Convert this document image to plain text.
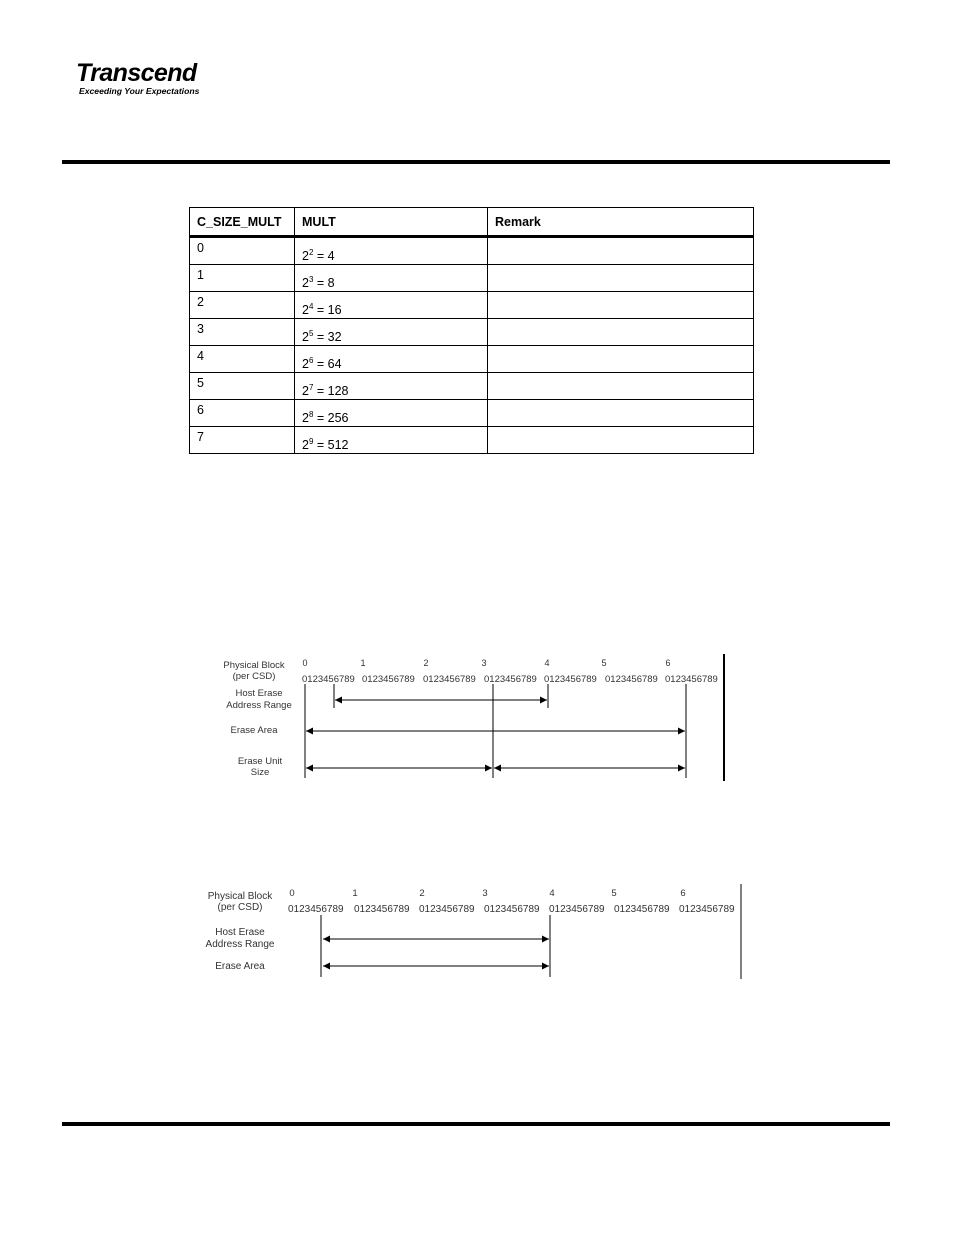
Transcend
Exceeding Your Expectations
C_SIZE_MULT	MULT	Remark
0	$2^2 = 4$	
1	$2^3 = 8$	
2	$2^4 = 16$	
3	$2^5 = 32$	
4	$2^6 = 64$	
5	$2^7 = 128$	
6	$2^8 = 256$	
7	$2^9 = 512$	
Physical Block
(per CSD)
0	1	2	3	4	5	6
0123456789 0123456789 0123456789 0123456789 0123456789 0123456789 0123456789
Host Erase
Address Range
Erase Area
Erase Unit
Size
Physical Block
(per CSD)
0	1	2	3	4	5	6
0123456789 0123456789 0123456789 0123456789 0123456789 0123456789 0123456789
Host Erase
Address Range
Erase Area
